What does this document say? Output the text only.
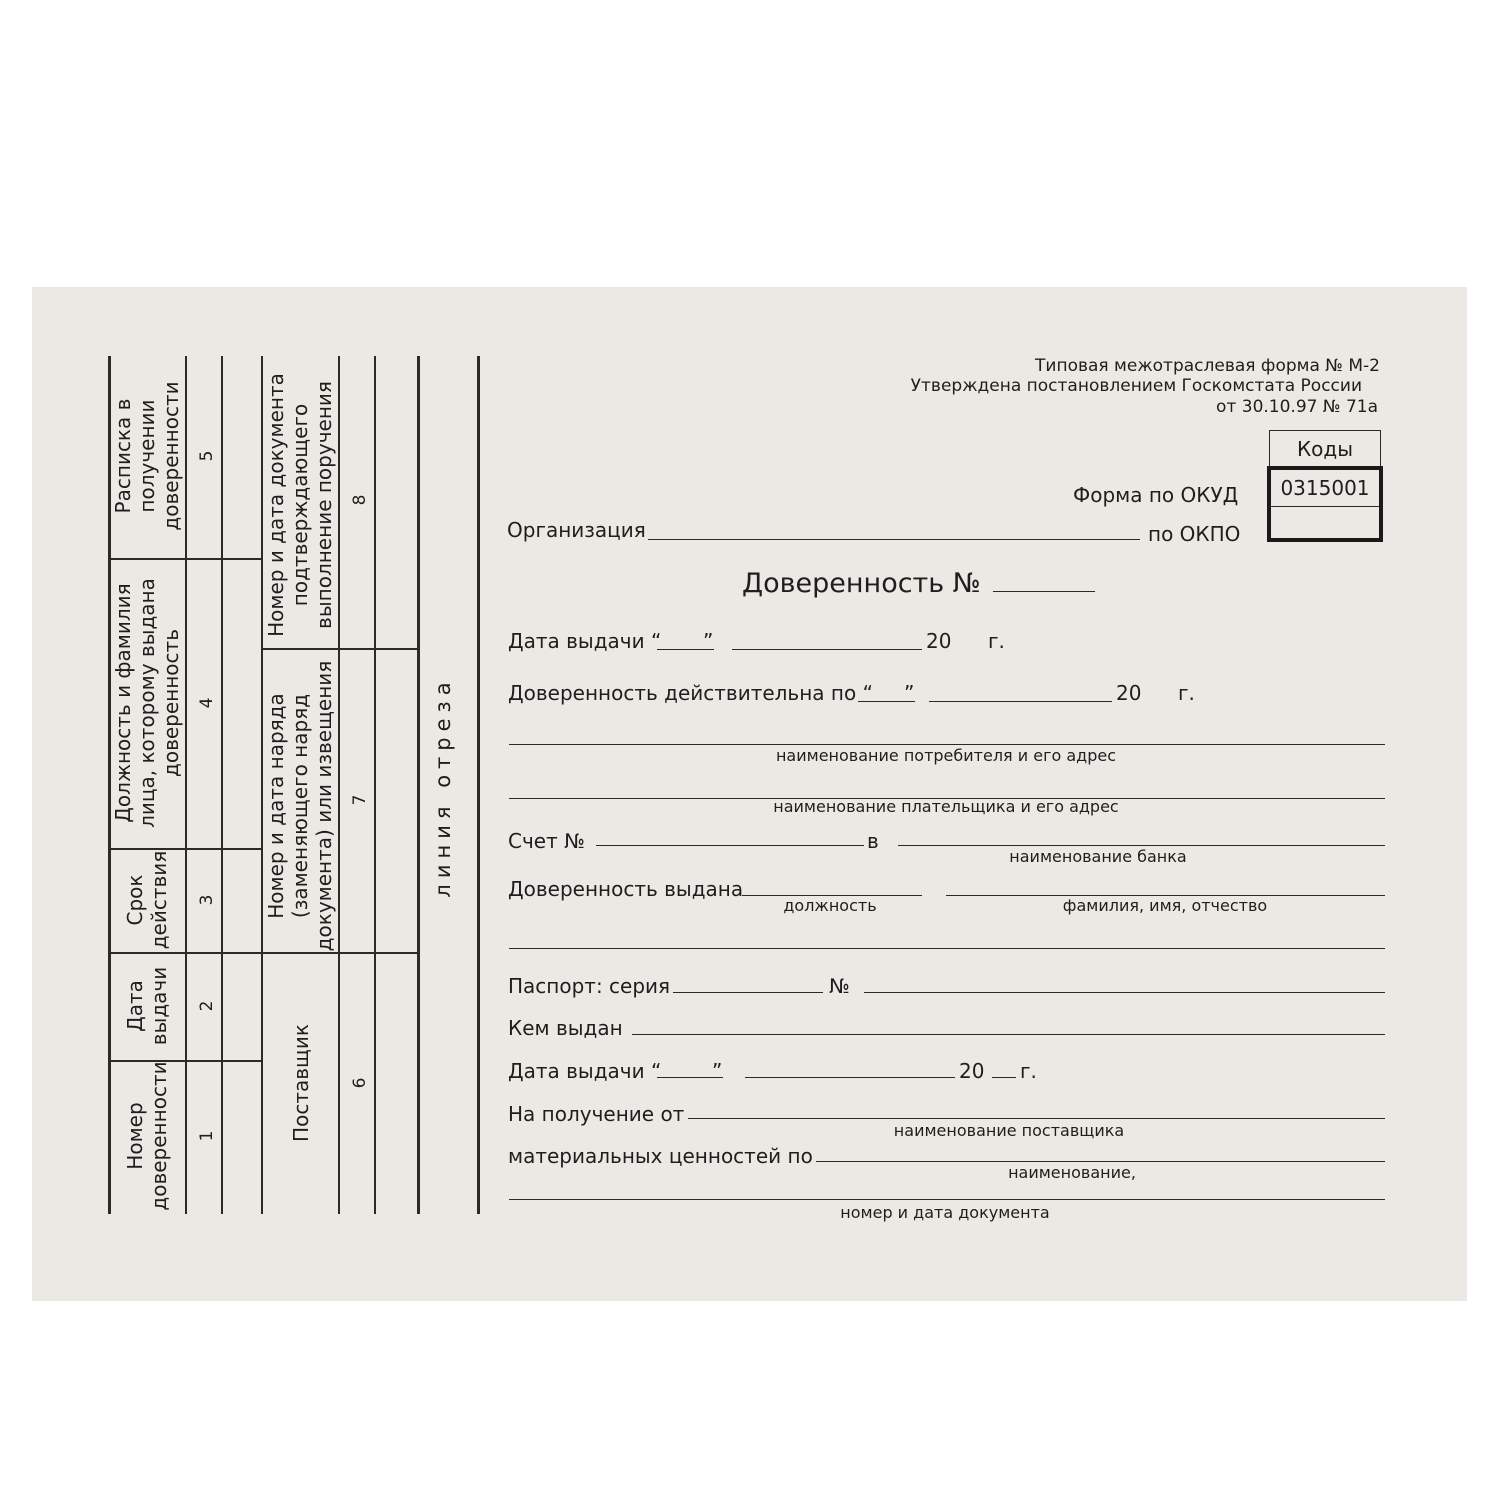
Номер
доверенности 1
Дата
выдачи 2
Срок
действия 3
Должность и фамилия
лица, которому выдана
доверенность 4
Расписка в
получении
доверенности 5
Поставщик 6
Номер и дата наряда
(заменяющего наряд
документа) или извещения
7
Номер и дата документа
подтверждающего
выполнение поручения
8
линия отреза
Типовая межотраслевая форма № М-2
Утверждена постановлением Госкомстата России
от 30.10.97 № 71а
Коды
0315001
Форма по ОКУД
по ОКПО
Организация
Доверенность №
Дата выдачи “ ”	20 г.
Доверенность действительна по “ ”	20 г.
наименование потребителя и его адрес
наименование плательщика и его адрес
Счет №	в
наименование банка
Доверенность выдана
должность	фамилия, имя, отчество
Паспорт: серия	№
Кем выдан
Дата выдачи “	”	20 г.
На получение от
наименование поставщика
материальных ценностей по
наименование,
номер и дата документа
